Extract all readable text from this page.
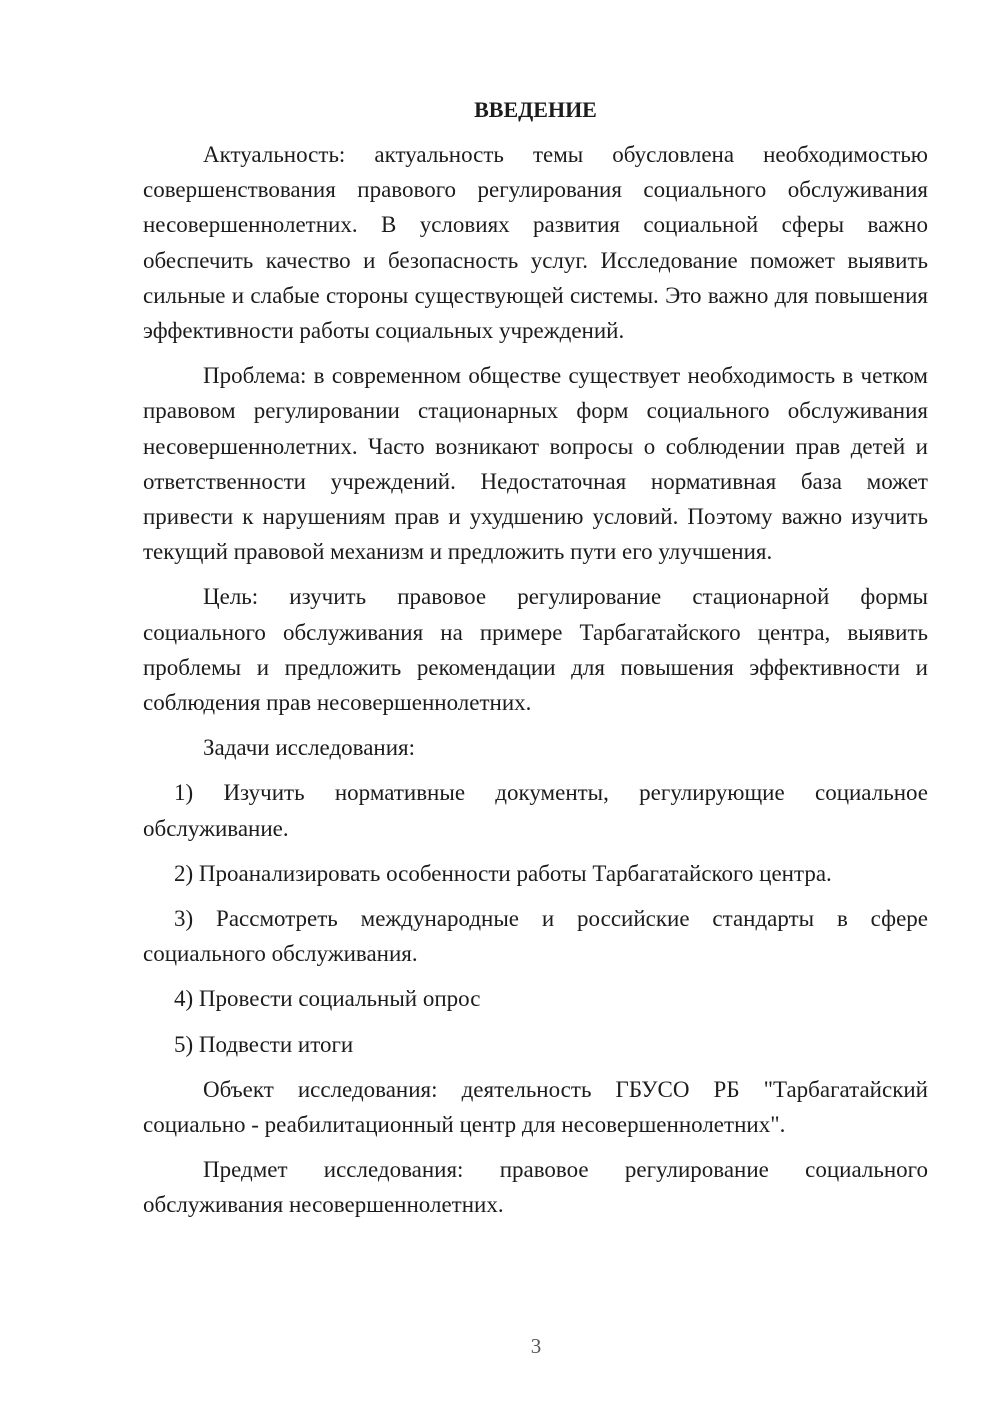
ВВЕДЕНИЕ

Актуальность: актуальность темы обусловлена необходимостью совершенствования правового регулирования социального обслуживания несовершеннолетних. В условиях развития социальной сферы важно обеспечить качество и безопасность услуг. Исследование поможет выявить сильные и слабые стороны существующей системы. Это важно для повышения эффективности работы социальных учреждений.

Проблема: в современном обществе существует необходимость в четком правовом регулировании стационарных форм социального обслуживания несовершеннолетних. Часто возникают вопросы о соблюдении прав детей и ответственности учреждений. Недостаточная нормативная база может привести к нарушениям прав и ухудшению условий. Поэтому важно изучить текущий правовой механизм и предложить пути его улучшения.

Цель: изучить правовое регулирование стационарной формы социального обслуживания на примере Тарбагатайского центра, выявить проблемы и предложить рекомендации для повышения эффективности и соблюдения прав несовершеннолетних.

Задачи исследования:

1) Изучить нормативные документы, регулирующие социальное обслуживание.

2) Проанализировать особенности работы Тарбагатайского центра.

3) Рассмотреть международные и российские стандарты в сфере социального обслуживания.

4) Провести социальный опрос

5) Подвести итоги

Объект исследования: деятельность ГБУСО РБ "Тарбагатайский социально - реабилитационный центр для несовершеннолетних".

Предмет исследования: правовое регулирование социального обслуживания несовершеннолетних.

3
